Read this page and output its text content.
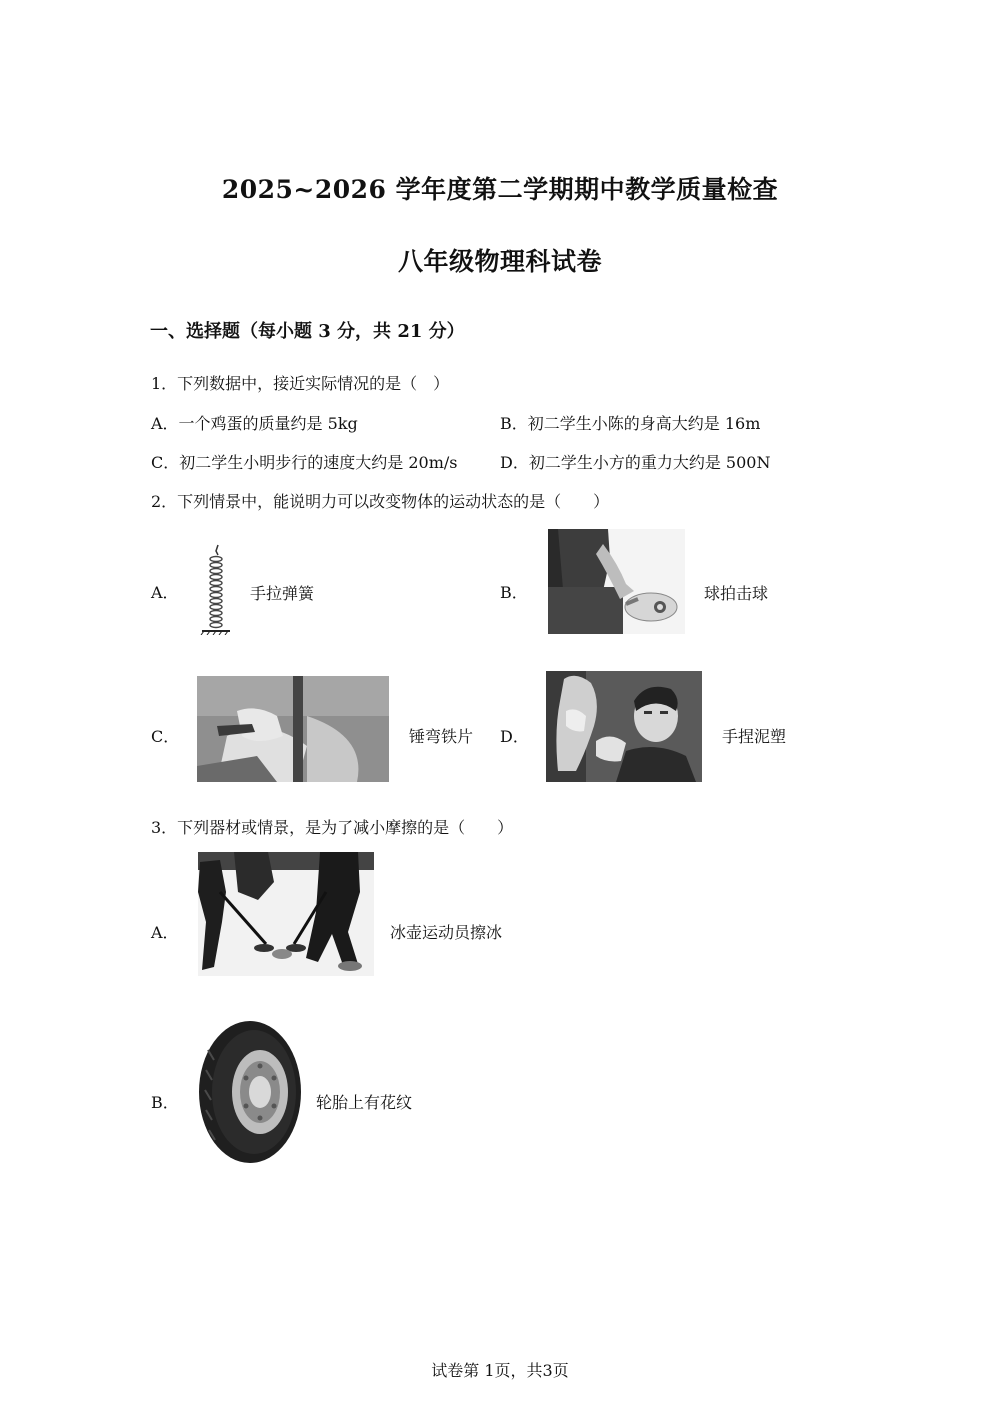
2025~2026 学年度第二学期期中教学质量检查
八年级物理科试卷
一、选择题（每小题 3 分，共 21 分）
1．下列数据中，接近实际情况的是（　）
A．一个鸡蛋的质量约是 5kg	B．初二学生小陈的身高大约是 16m
C．初二学生小明步行的速度大约是 20m/s	D．初二学生小方的重力大约是 500N
2．下列情景中，能说明力可以改变物体的运动状态的是（　　）
A．	手拉弹簧	B．	球拍击球
C．	锤弯铁片 D．	手捏泥塑
3．下列器材或情景，是为了减小摩擦的是（　　）
A．	冰壶运动员擦冰
B．	轮胎上有花纹
试卷第 1页，共3页
